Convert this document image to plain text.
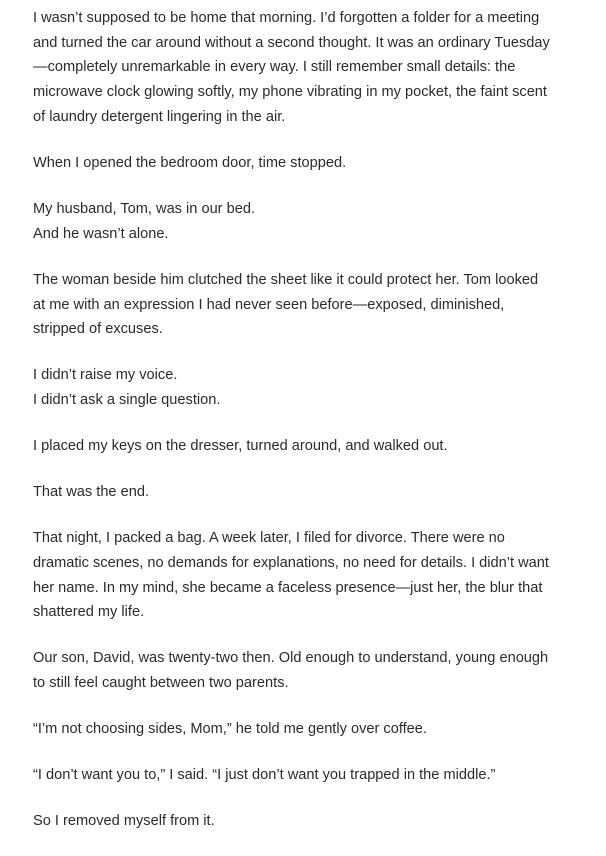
I wasn’t supposed to be home that morning. I’d forgotten a folder for a meeting
and turned the car around without a second thought. It was an ordinary Tuesday
—completely unremarkable in every way. I still remember small details: the
microwave clock glowing softly, my phone vibrating in my pocket, the faint scent
of laundry detergent lingering in the air.

When I opened the bedroom door, time stopped.

My husband, Tom, was in our bed.
And he wasn’t alone.

The woman beside him clutched the sheet like it could protect her. Tom looked
at me with an expression I had never seen before—exposed, diminished,
stripped of excuses.

I didn’t raise my voice.
I didn’t ask a single question.

I placed my keys on the dresser, turned around, and walked out.

That was the end.

That night, I packed a bag. A week later, I filed for divorce. There were no
dramatic scenes, no demands for explanations, no need for details. I didn’t want
her name. In my mind, she became a faceless presence—just her, the blur that
shattered my life.

Our son, David, was twenty-two then. Old enough to understand, young enough
to still feel caught between two parents.

“I’m not choosing sides, Mom,” he told me gently over coffee.

“I don’t want you to,” I said. “I just don’t want you trapped in the middle.”

So I removed myself from it.
